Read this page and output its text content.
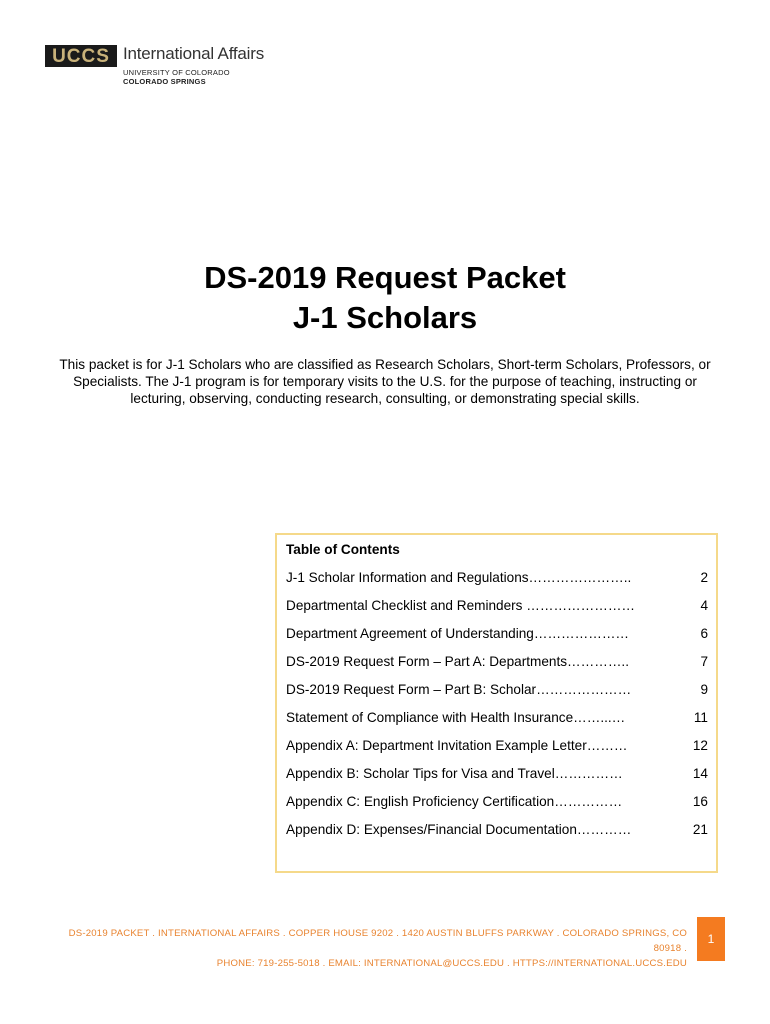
UCCS International Affairs
UNIVERSITY OF COLORADO
COLORADO SPRINGS
DS-2019 Request Packet
J-1 Scholars
This packet is for J-1 Scholars who are classified as Research Scholars, Short-term Scholars, Professors, or Specialists. The J-1 program is for temporary visits to the U.S. for the purpose of teaching, instructing or lecturing, observing, conducting research, consulting, or demonstrating special skills.
Table of Contents
J-1 Scholar Information and Regulations…………………..	2
Departmental Checklist and Reminders ……………………	4
Department Agreement of Understanding…………………	6
DS-2019 Request Form – Part A: Departments…………..	7
DS-2019 Request Form – Part B: Scholar…………………	9
Statement of Compliance with Health Insurance……...…	11
Appendix A: Department Invitation Example Letter………	12
Appendix B: Scholar Tips for Visa and Travel……………	14
Appendix C: English Proficiency Certification……………	16
Appendix D: Expenses/Financial Documentation…………	21
DS-2019 PACKET . INTERNATIONAL AFFAIRS . COPPER HOUSE 9202 . 1420 AUSTIN BLUFFS PARKWAY . COLORADO SPRINGS, CO 80918 .
PHONE: 719-255-5018 . EMAIL: INTERNATIONAL@UCCS.EDU . HTTPS://INTERNATIONAL.UCCS.EDU
1
